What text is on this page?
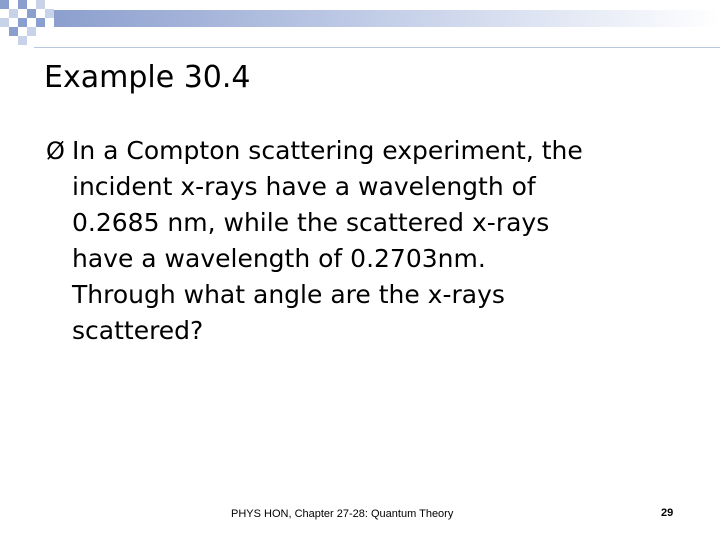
Example 30.4
Ø In a Compton scattering experiment, the
incident x-rays have a wavelength of
0.2685 nm, while the scattered x-rays
have a wavelength of 0.2703nm.
Through what angle are the x-rays
scattered?
PHYS HON, Chapter 27-28: Quantum Theory	29
